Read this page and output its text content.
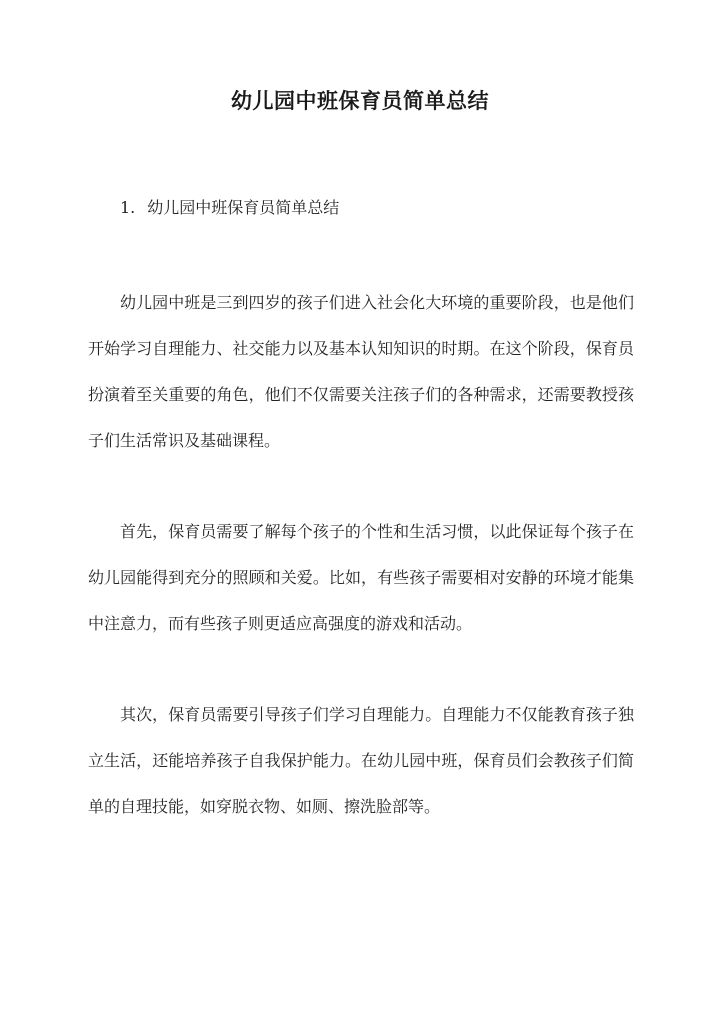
幼儿园中班保育员简单总结
1. 幼儿园中班保育员简单总结

幼儿园中班是三到四岁的孩子们进入社会化大环境的重要阶段，也是他们开始学习自理能力、社交能力以及基本认知知识的时期。在这个阶段，保育员扮演着至关重要的角色，他们不仅需要关注孩子们的各种需求，还需要教授孩子们生活常识及基础课程。

首先，保育员需要了解每个孩子的个性和生活习惯，以此保证每个孩子在幼儿园能得到充分的照顾和关爱。比如，有些孩子需要相对安静的环境才能集中注意力，而有些孩子则更适应高强度的游戏和活动。

其次，保育员需要引导孩子们学习自理能力。自理能力不仅能教育孩子独立生活，还能培养孩子自我保护能力。在幼儿园中班，保育员们会教孩子们简单的自理技能，如穿脱衣物、如厕、擦洗脸部等。
